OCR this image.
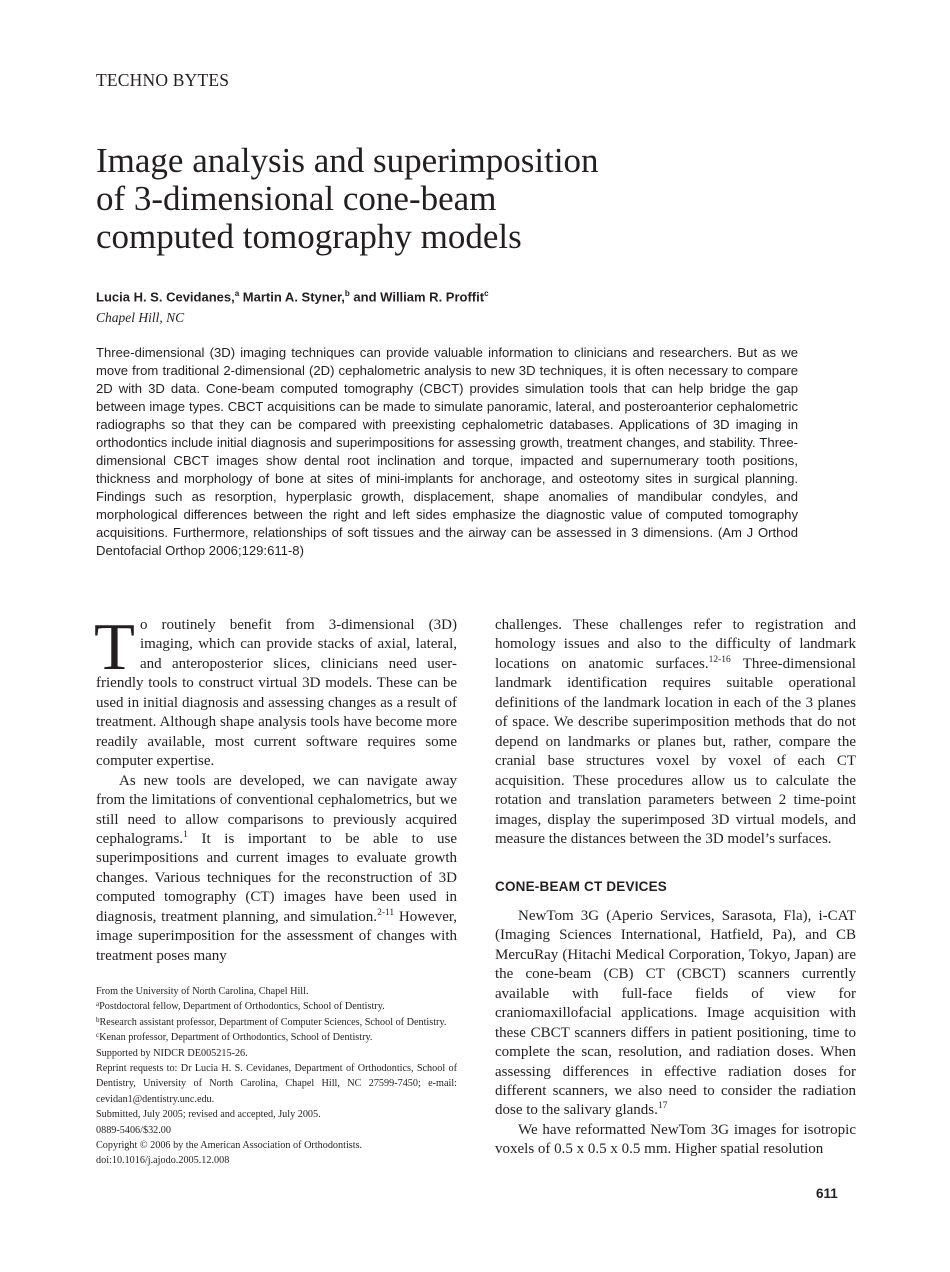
TECHNO BYTES
Image analysis and superimposition
of 3-dimensional cone-beam
computed tomography models
Lucia H. S. Cevidanes,$^a$ Martin A. Styner,$^b$ and William R. Proffit$^c$
Chapel Hill, NC
Three-dimensional (3D) imaging techniques can provide valuable information to clinicians and researchers. But as we move from traditional 2-dimensional (2D) cephalometric analysis to new 3D techniques, it is often necessary to compare 2D with 3D data. Cone-beam computed tomography (CBCT) provides simulation tools that can help bridge the gap between image types. CBCT acquisitions can be made to simulate panoramic, lateral, and posteroanterior cephalometric radiographs so that they can be compared with preexisting cephalometric databases. Applications of 3D imaging in orthodontics include initial diagnosis and superimpositions for assessing growth, treatment changes, and stability. Three-dimensional CBCT images show dental root inclination and torque, impacted and supernumerary tooth positions, thickness and morphology of bone at sites of mini-implants for anchorage, and osteotomy sites in surgical planning. Findings such as resorption, hyperplasic growth, displacement, shape anomalies of mandibular condyles, and morphological differences between the right and left sides emphasize the diagnostic value of computed tomography acquisitions. Furthermore, relationships of soft tissues and the airway can be assessed in 3 dimensions. (Am J Orthod Dentofacial Orthop 2006;129:611-8)

To routinely benefit from 3-dimensional (3D) imaging, which can provide stacks of axial, lateral, and anteroposterior slices, clinicians need user-friendly tools to construct virtual 3D models. These can be used in initial diagnosis and assessing changes as a result of treatment. Although shape analysis tools have become more readily available, most current software requires some computer expertise.

As new tools are developed, we can navigate away from the limitations of conventional cephalometrics, but we still need to allow comparisons to previously acquired cephalograms.$^1$ It is important to be able to use superimpositions and current images to evaluate growth changes. Various techniques for the reconstruction of 3D computed tomography (CT) images have been used in diagnosis, treatment planning, and simulation.$^{2-11}$ However, image superimposition for the assessment of changes with treatment poses many

challenges. These challenges refer to registration and homology issues and also to the difficulty of landmark locations on anatomic surfaces.$^{12-16}$ Three-dimensional landmark identification requires suitable operational definitions of the landmark location in each of the 3 planes of space. We describe superimposition methods that do not depend on landmarks or planes but, rather, compare the cranial base structures voxel by voxel of each CT acquisition. These procedures allow us to calculate the rotation and translation parameters between 2 time-point images, display the superimposed 3D virtual models, and measure the distances between the 3D model’s surfaces.

CONE-BEAM CT DEVICES

NewTom 3G (Aperio Services, Sarasota, Fla), i-CAT (Imaging Sciences International, Hatfield, Pa), and CB MercuRay (Hitachi Medical Corporation, Tokyo, Japan) are the cone-beam (CB) CT (CBCT) scanners currently available with full-face fields of view for craniomaxillofacial applications. Image acquisition with these CBCT scanners differs in patient positioning, time to complete the scan, resolution, and radiation doses. When assessing differences in effective radiation doses for different scanners, we also need to consider the radiation dose to the salivary glands.$^{17}$

We have reformatted NewTom 3G images for isotropic voxels of 0.5 x 0.5 x 0.5 mm. Higher spatial resolution

From the University of North Carolina, Chapel Hill.
$^a$Postdoctoral fellow, Department of Orthodontics, School of Dentistry.
$^b$Research assistant professor, Department of Computer Sciences, School of Dentistry.
$^c$Kenan professor, Department of Orthodontics, School of Dentistry.
Supported by NIDCR DE005215-26.
Reprint requests to: Dr Lucia H. S. Cevidanes, Department of Orthodontics, School of Dentistry, University of North Carolina, Chapel Hill, NC 27599-7450; e-mail: cevidan1@dentistry.unc.edu.
Submitted, July 2005; revised and accepted, July 2005.
0889-5406/$32.00
Copyright © 2006 by the American Association of Orthodontists.
doi:10.1016/j.ajodo.2005.12.008
611
